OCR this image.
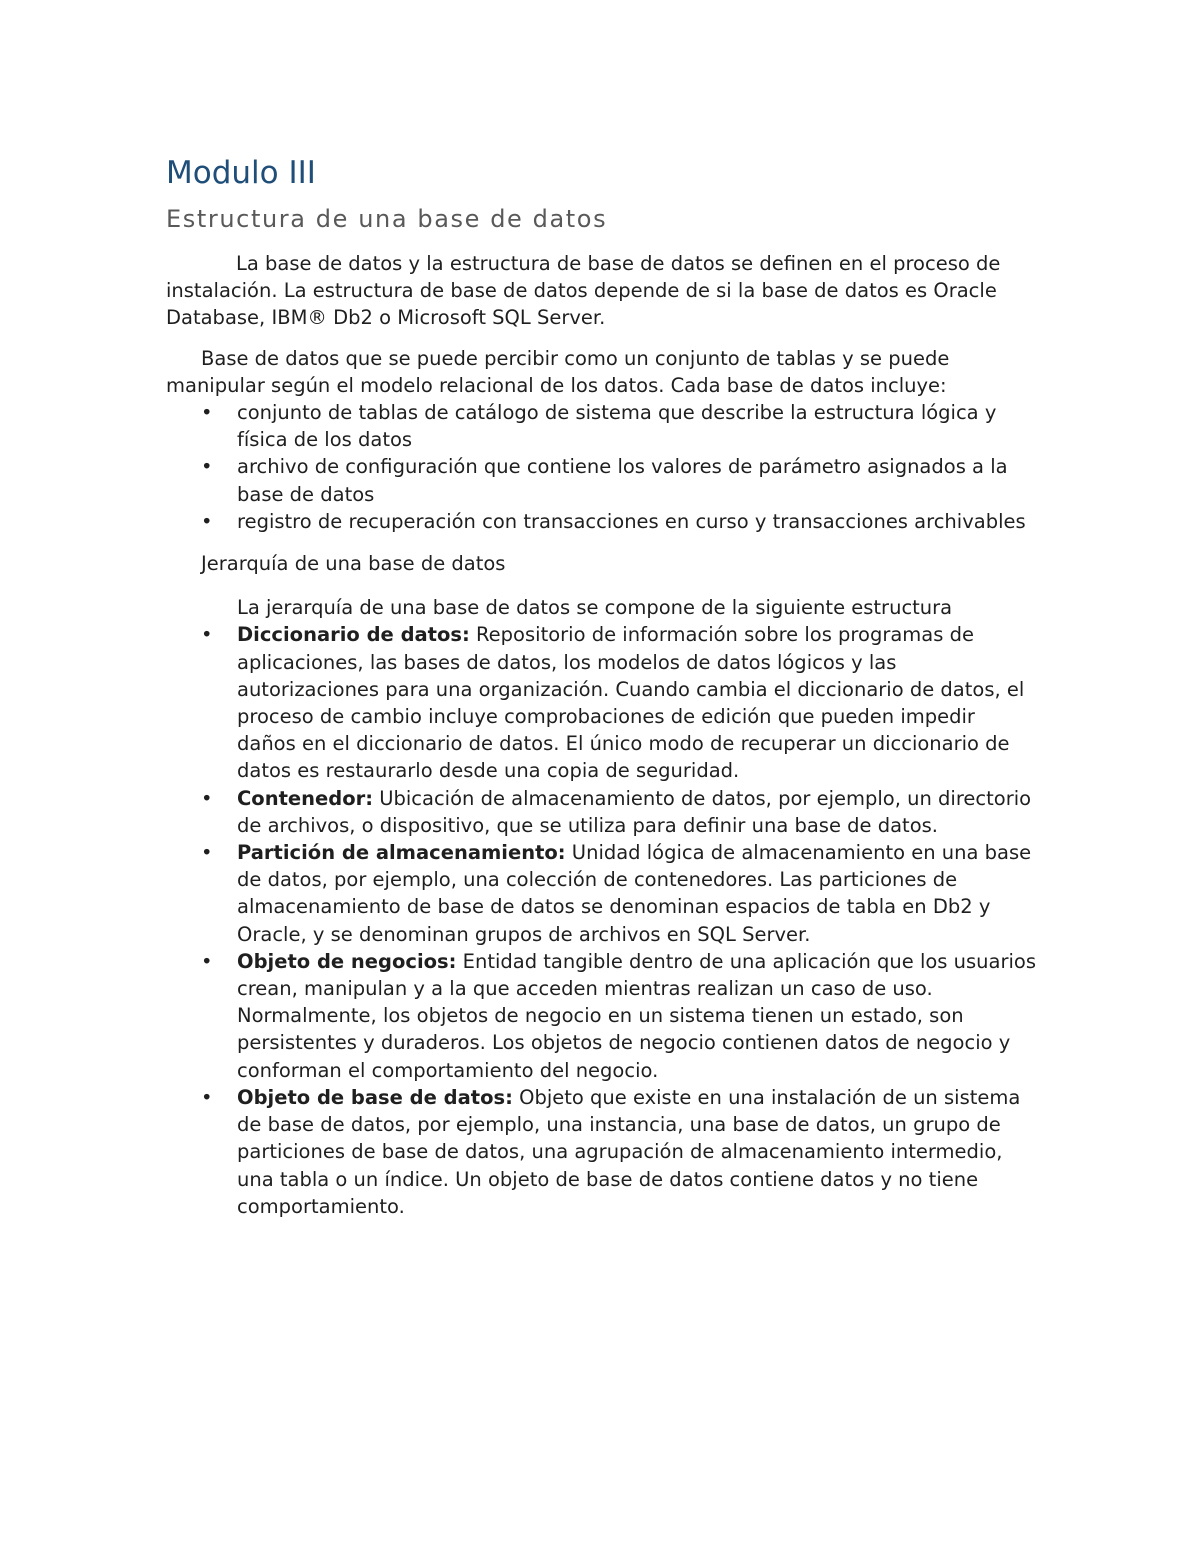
Modulo III
Estructura de una base de datos

La base de datos y la estructura de base de datos se definen en el proceso de instalación. La estructura de base de datos depende de si la base de datos es Oracle Database, IBM® Db2 o Microsoft SQL Server.

Base de datos que se puede percibir como un conjunto de tablas y se puede manipular según el modelo relacional de los datos. Cada base de datos incluye:

•	conjunto de tablas de catálogo de sistema que describe la estructura lógica y física de los datos
•	archivo de configuración que contiene los valores de parámetro asignados a la base de datos
•	registro de recuperación con transacciones en curso y transacciones archivables

Jerarquía de una base de datos

La jerarquía de una base de datos se compone de la siguiente estructura

•	Diccionario de datos: Repositorio de información sobre los programas de aplicaciones, las bases de datos, los modelos de datos lógicos y las autorizaciones para una organización. Cuando cambia el diccionario de datos, el proceso de cambio incluye comprobaciones de edición que pueden impedir daños en el diccionario de datos. El único modo de recuperar un diccionario de datos es restaurarlo desde una copia de seguridad.
•	Contenedor: Ubicación de almacenamiento de datos, por ejemplo, un directorio de archivos, o dispositivo, que se utiliza para definir una base de datos.
•	Partición de almacenamiento: Unidad lógica de almacenamiento en una base de datos, por ejemplo, una colección de contenedores. Las particiones de almacenamiento de base de datos se denominan espacios de tabla en Db2 y Oracle, y se denominan grupos de archivos en SQL Server.
•	Objeto de negocios: Entidad tangible dentro de una aplicación que los usuarios crean, manipulan y a la que acceden mientras realizan un caso de uso. Normalmente, los objetos de negocio en un sistema tienen un estado, son persistentes y duraderos. Los objetos de negocio contienen datos de negocio y conforman el comportamiento del negocio.
•	Objeto de base de datos: Objeto que existe en una instalación de un sistema de base de datos, por ejemplo, una instancia, una base de datos, un grupo de particiones de base de datos, una agrupación de almacenamiento intermedio, una tabla o un índice. Un objeto de base de datos contiene datos y no tiene comportamiento.
